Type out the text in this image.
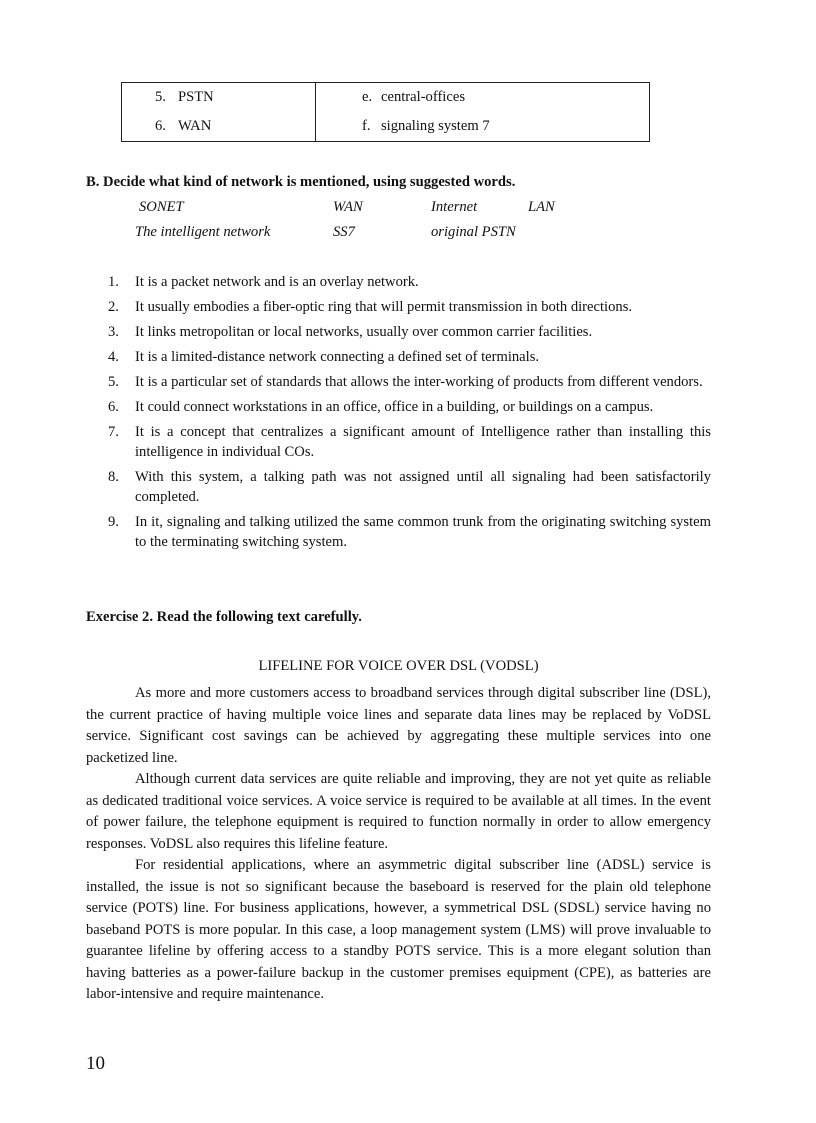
5. PSTN	e. central-offices
6. WAN	f. signaling system 7
B. Decide what kind of network is mentioned, using suggested words.
SONET	WAN	Internet	LAN
The intelligent network	SS7	original PSTN
1. It is a packet network and is an overlay network.
2. It usually embodies a fiber-optic ring that will permit transmission in both directions.
3. It links metropolitan or local networks, usually over common carrier facilities.
4. It is a limited-distance network connecting a defined set of terminals.
5. It is a particular set of standards that allows the inter-working of products from different vendors.
6. It could connect workstations in an office, office in a building, or buildings on a campus.
7. It is a concept that centralizes a significant amount of Intelligence rather than installing this intelligence in individual COs.
8. With this system, a talking path was not assigned until all signaling had been satisfactorily completed.
9. In it, signaling and talking utilized the same common trunk from the originating switching system to the terminating switching system.
Exercise 2. Read the following text carefully.
LIFELINE FOR VOICE OVER DSL (VODSL)

As more and more customers access to broadband services through digital subscriber line (DSL), the current practice of having multiple voice lines and separate data lines may be replaced by VoDSL service. Significant cost savings can be achieved by aggregating these multiple services into one packetized line.

Although current data services are quite reliable and improving, they are not yet quite as reliable as dedicated traditional voice services. A voice service is required to be available at all times. In the event of power failure, the telephone equipment is required to function normally in order to allow emergency responses. VoDSL also requires this lifeline feature.

For residential applications, where an asymmetric digital subscriber line (ADSL) service is installed, the issue is not so significant because the baseboard is reserved for the plain old telephone service (POTS) line. For business applications, however, a symmetrical DSL (SDSL) service having no baseband POTS is more popular. In this case, a loop management system (LMS) will prove invaluable to guarantee lifeline by offering access to a standby POTS service. This is a more elegant solution than having batteries as a power-failure backup in the customer premises equipment (CPE), as batteries are labor-intensive and require maintenance.

10
